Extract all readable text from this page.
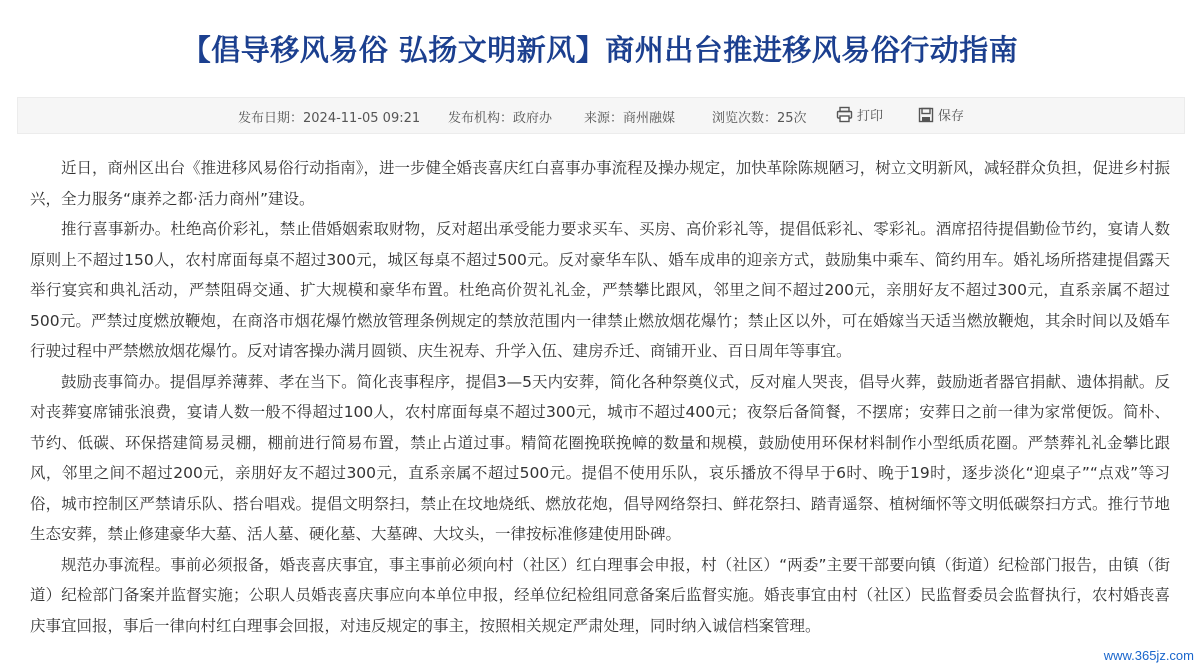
【倡导移风易俗 弘扬文明新风】商州出台推进移风易俗行动指南
发布日期：2024-11-05 09:21 发布机构：政府办 来源：商州融媒	浏览次数：25次	打印	保存

近日，商州区出台《推进移风易俗行动指南》，进一步健全婚丧喜庆红白喜事办事流程及操办规定，加快革除陈规陋习，树立文明新风，减轻群众负担，促进乡村振兴，全力服务“康养之都·活力商州”建设。

推行喜事新办。杜绝高价彩礼，禁止借婚姻索取财物，反对超出承受能力要求买车、买房、高价彩礼等，提倡低彩礼、零彩礼。酒席招待提倡勤俭节约，宴请人数原则上不超过150人，农村席面每桌不超过300元，城区每桌不超过500元。反对豪华车队、婚车成串的迎亲方式，鼓励集中乘车、简约用车。婚礼场所搭建提倡露天举行宴宾和典礼活动，严禁阻碍交通、扩大规模和豪华布置。杜绝高价贺礼礼金，严禁攀比跟风，邻里之间不超过200元，亲朋好友不超过300元，直系亲属不超过500元。严禁过度燃放鞭炮，在商洛市烟花爆竹燃放管理条例规定的禁放范围内一律禁止燃放烟花爆竹；禁止区以外，可在婚嫁当天适当燃放鞭炮，其余时间以及婚车行驶过程中严禁燃放烟花爆竹。反对请客操办满月圆锁、庆生祝寿、升学入伍、建房乔迁、商铺开业、百日周年等事宜。

鼓励丧事简办。提倡厚养薄葬、孝在当下。简化丧事程序，提倡3—5天内安葬，简化各种祭奠仪式，反对雇人哭丧，倡导火葬，鼓励逝者器官捐献、遗体捐献。反对丧葬宴席铺张浪费，宴请人数一般不得超过100人，农村席面每桌不超过300元，城市不超过400元；夜祭后备简餐，不摆席；安葬日之前一律为家常便饭。简朴、节约、低碳、环保搭建简易灵棚，棚前进行简易布置，禁止占道过事。精简花圈挽联挽幛的数量和规模，鼓励使用环保材料制作小型纸质花圈。严禁葬礼礼金攀比跟风，邻里之间不超过200元，亲朋好友不超过300元，直系亲属不超过500元。提倡不使用乐队，哀乐播放不得早于6时、晚于19时，逐步淡化“迎桌子”“点戏”等习俗，城市控制区严禁请乐队、搭台唱戏。提倡文明祭扫，禁止在坟地烧纸、燃放花炮，倡导网络祭扫、鲜花祭扫、踏青遥祭、植树缅怀等文明低碳祭扫方式。推行节地生态安葬，禁止修建豪华大墓、活人墓、硬化墓、大墓碑、大坟头，一律按标准修建使用卧碑。

规范办事流程。事前必须报备，婚丧喜庆事宜，事主事前必须向村（社区）红白理事会申报，村（社区）“两委”主要干部要向镇（街道）纪检部门报告，由镇（街道）纪检部门备案并监督实施；公职人员婚丧喜庆事应向本单位申报，经单位纪检组同意备案后监督实施。婚丧事宜由村（社区）民监督委员会监督执行，农村婚丧喜庆事宜回报，事后一律向村红白理事会回报，对违反规定的事主，按照相关规定严肃处理，同时纳入诚信档案管理。

www.365jz.com
